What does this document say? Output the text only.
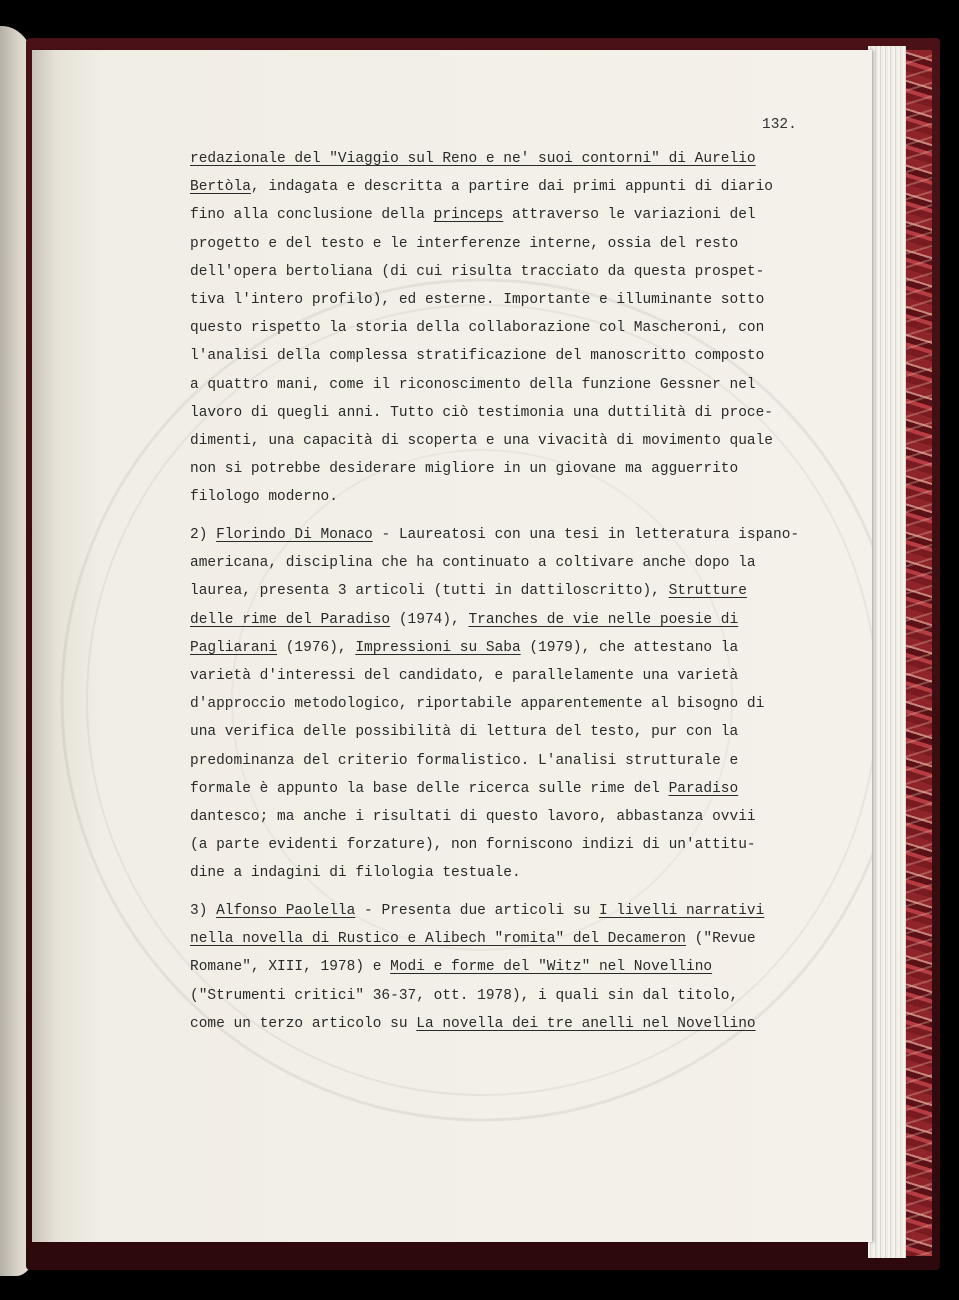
132.
redazionale del "Viaggio sul Reno e ne' suoi contorni" di Aurelio
Bertòla, indagata e descritta a partire dai primi appunti di diario
fino alla conclusione della princeps attraverso le variazioni del
progetto e del testo e le interferenze interne, ossia del resto
dell'opera bertoliana (di cui risulta tracciato da questa prospet-
tiva l'intero profilo), ed esterne. Importante e illuminante sotto
questo rispetto la storia della collaborazione col Mascheroni, con
l'analisi della complessa stratificazione del manoscritto composto
a quattro mani, come il riconoscimento della funzione Gessner nel
lavoro di quegli anni. Tutto ciò testimonia una duttilità di proce-
dimenti, una capacità di scoperta e una vivacità di movimento quale
non si potrebbe desiderare migliore in un giovane ma agguerrito
filologo moderno.
2) Florindo Di Monaco - Laureatosi con una tesi in letteratura ispano-
americana, disciplina che ha continuato a coltivare anche dopo la
laurea, presenta 3 articoli (tutti in dattiloscritto), Strutture
delle rime del Paradiso (1974), Tranches de vie nelle poesie di
Pagliarani (1976), Impressioni su Saba (1979), che attestano la
varietà d'interessi del candidato, e parallelamente una varietà
d'approccio metodologico, riportabile apparentemente al bisogno di
una verifica delle possibilità di lettura del testo, pur con la
predominanza del criterio formalistico. L'analisi strutturale e
formale è appunto la base delle ricerca sulle rime del Paradiso
dantesco; ma anche i risultati di questo lavoro, abbastanza ovvii
(a parte evidenti forzature), non forniscono indizi di un'attitu-
dine a indagini di filologia testuale.
3) Alfonso Paolella - Presenta due articoli su I livelli narrativi
nella novella di Rustico e Alibech "romita" del Decameron ("Revue
Romane", XIII, 1978) e Modi e forme del "Witz" nel Novellino
("Strumenti critici" 36-37, ott. 1978), i quali sin dal titolo,
come un terzo articolo su La novella dei tre anelli nel Novellino
